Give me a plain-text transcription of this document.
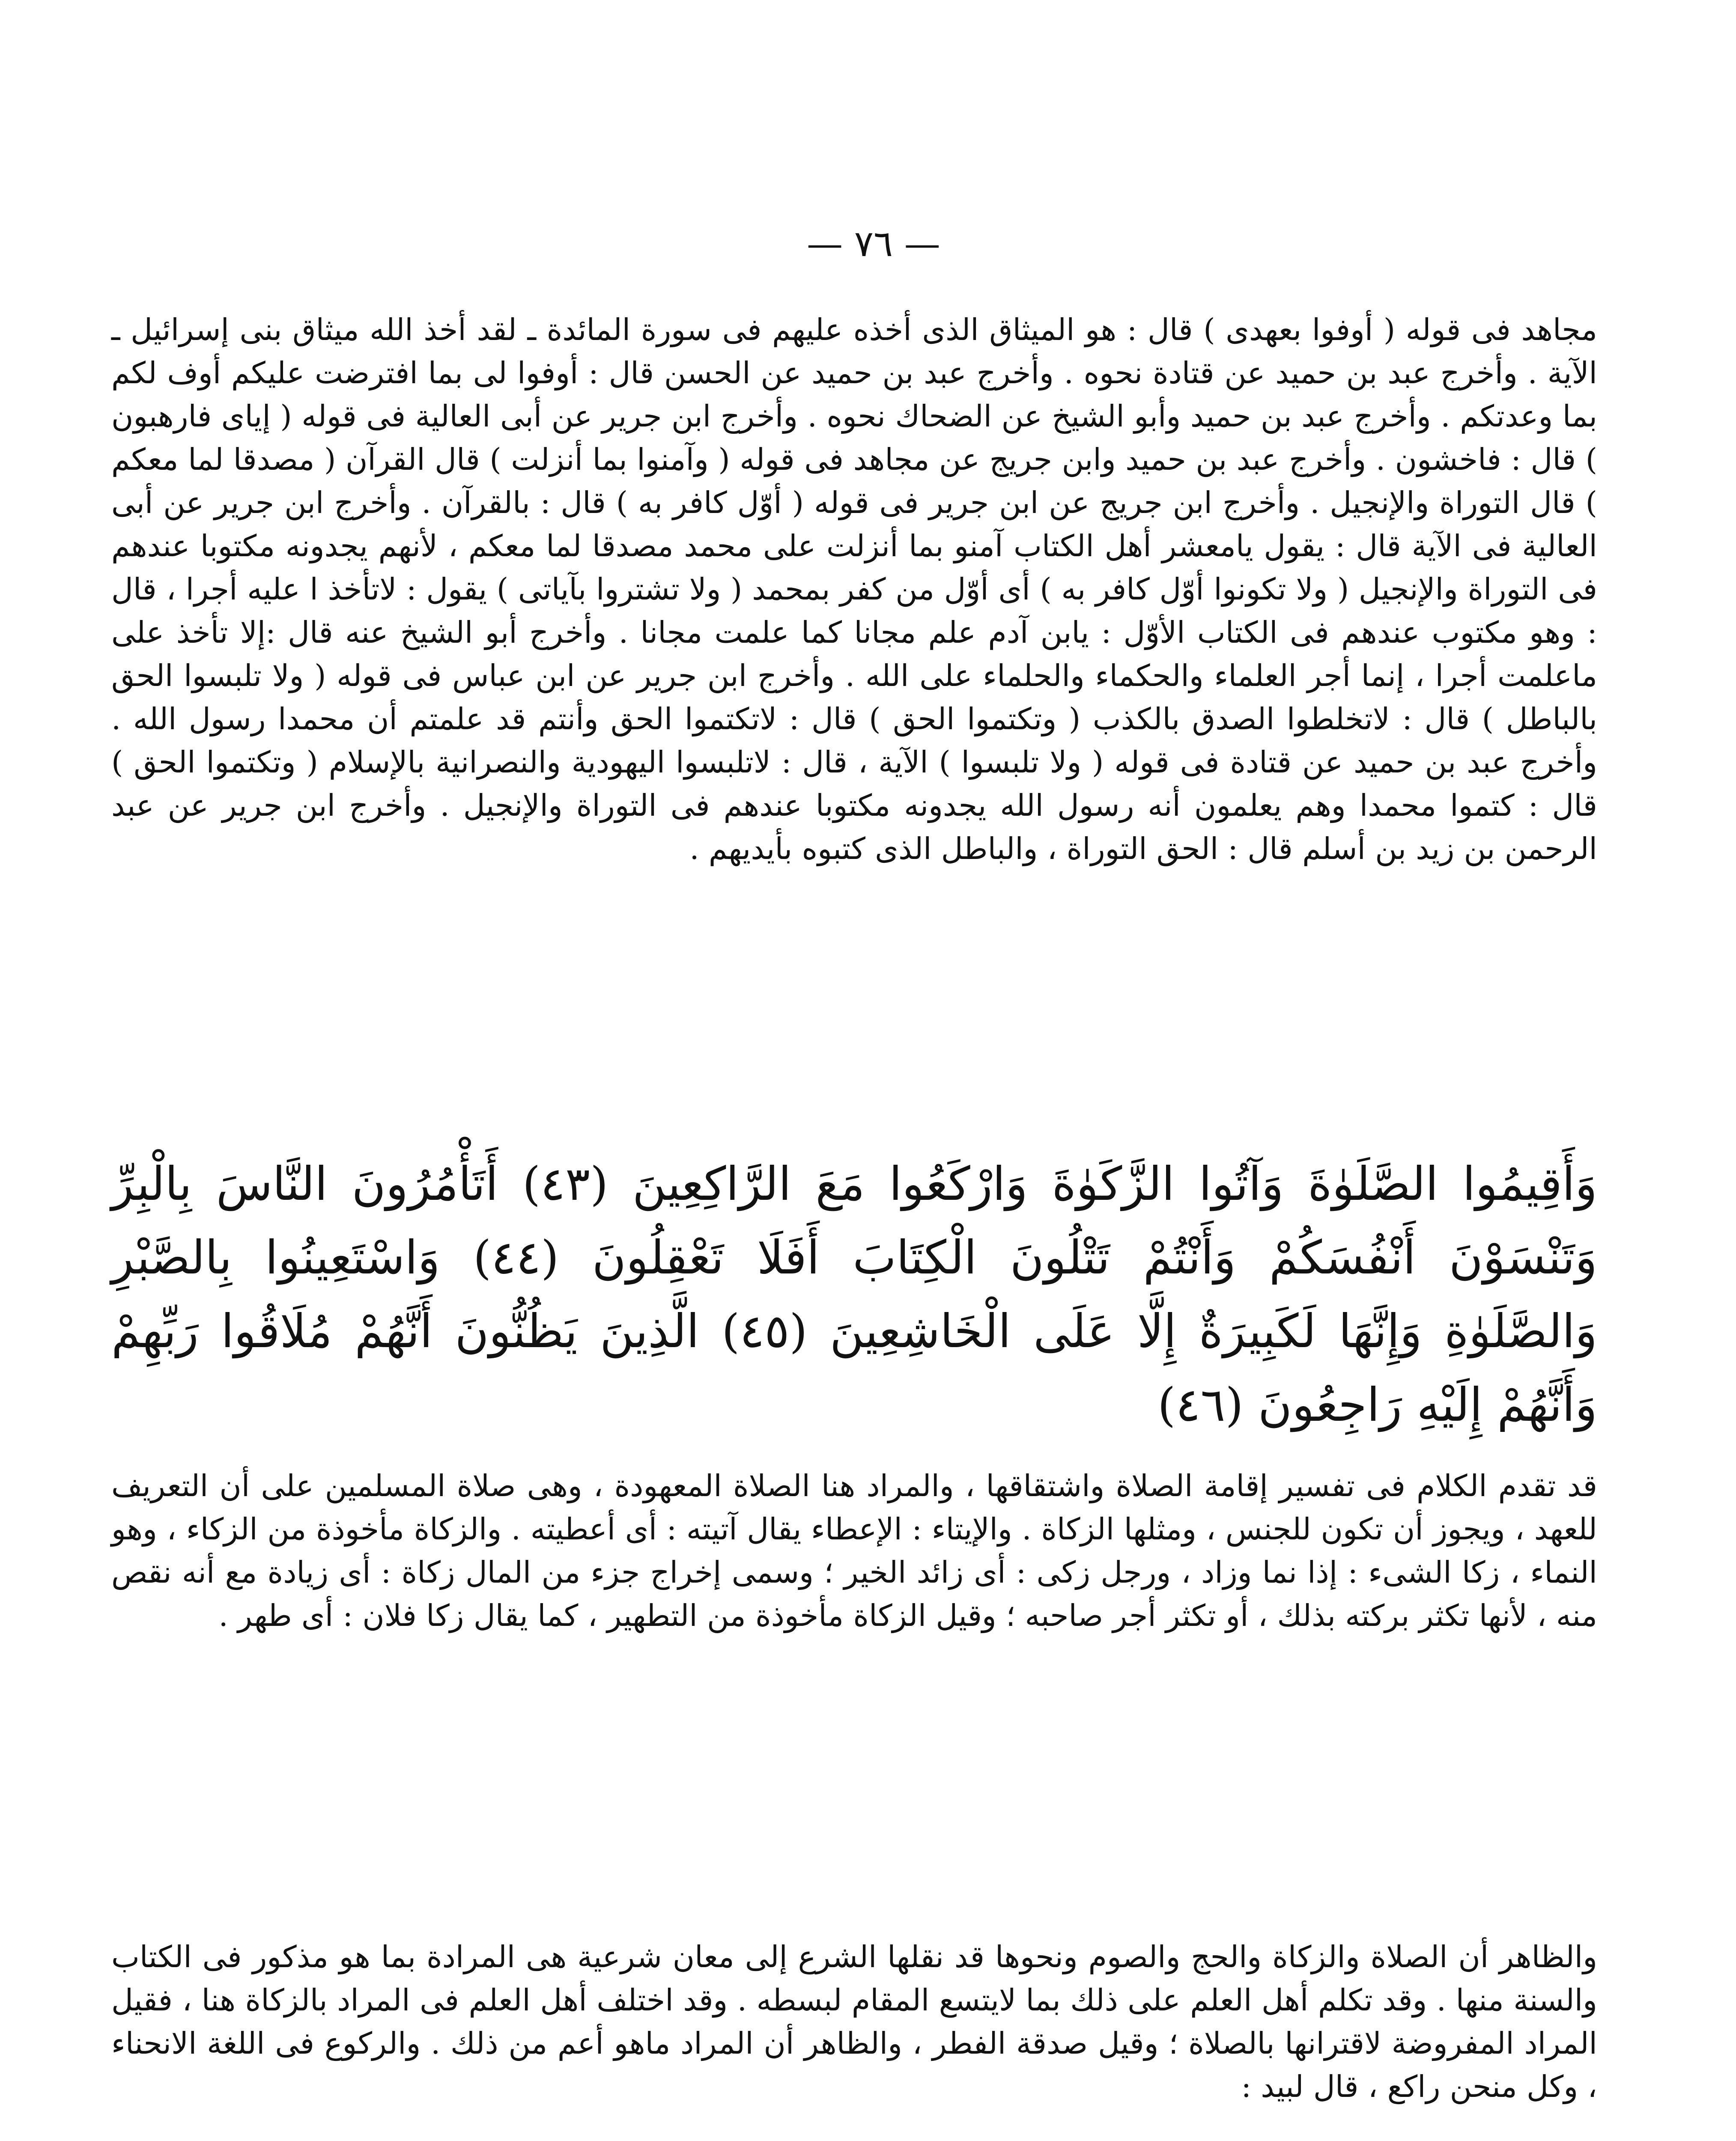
— ٧٦ —

مجاهد فى قوله ( أوفوا بعهدى ) قال : هو الميثاق الذى أخذه عليهم فى سورة المائدة ـ لقد أخذ الله ميثاق بنى إسرائيل ـ الآية . وأخرج عبد بن حميد عن قتادة نحوه . وأخرج عبد بن حميد عن الحسن قال : أوفوا لى بما افترضت عليكم أوف لكم بما وعدتكم . وأخرج عبد بن حميد وأبو الشيخ عن الضحاك نحوه . وأخرج ابن جرير عن أبى العالية فى قوله ( إياى فارهبون ) قال : فاخشون . وأخرج عبد بن حميد وابن جريج عن مجاهد فى قوله ( وآمنوا بما أنزلت ) قال القرآن ( مصدقا لما معكم ) قال التوراة والإنجيل . وأخرج ابن جريج عن ابن جرير فى قوله ( أوّل كافر به ) قال : بالقرآن . وأخرج ابن جرير عن أبى العالية فى الآية قال : يقول يامعشر أهل الكتاب آمنو بما أنزلت على محمد مصدقا لما معكم ، لأنهم يجدونه مكتوبا عندهم فى التوراة والإنجيل ( ولا تكونوا أوّل كافر به ) أى أوّل من كفر بمحمد ( ولا تشتروا بآياتى ) يقول : لاتأخذ ا عليه أجرا ، قال : وهو مكتوب عندهم فى الكتاب الأوّل : يابن آدم علم مجانا كما علمت مجانا . وأخرج أبو الشيخ عنه قال :إلا تأخذ على ماعلمت أجرا ، إنما أجر العلماء والحكماء والحلماء على الله . وأخرج ابن جرير عن ابن عباس فى قوله ( ولا تلبسوا الحق بالباطل ) قال : لاتخلطوا الصدق بالكذب ( وتكتموا الحق ) قال : لاتكتموا الحق وأنتم قد علمتم أن محمدا رسول الله . وأخرج عبد بن حميد عن قتادة فى قوله ( ولا تلبسوا ) الآية ، قال : لاتلبسوا اليهودية والنصرانية بالإسلام ( وتكتموا الحق ) قال : كتموا محمدا وهم يعلمون أنه رسول الله يجدونه مكتوبا عندهم فى التوراة والإنجيل . وأخرج ابن جرير عن عبد الرحمن بن زيد بن أسلم قال : الحق التوراة ، والباطل الذى كتبوه بأيديهم .

وَأَقِيمُوا الصَّلَوٰةَ وَآتُوا الزَّكَوٰةَ وَارْكَعُوا مَعَ الرَّاكِعِينَ (٤٣) أَتَأْمُرُونَ النَّاسَ بِالْبِرِّ وَتَنْسَوْنَ أَنْفُسَكُمْ وَأَنْتُمْ تَتْلُونَ الْكِتَابَ أَفَلَا تَعْقِلُونَ (٤٤) وَاسْتَعِينُوا بِالصَّبْرِ وَالصَّلَوٰةِ وَإِنَّهَا لَكَبِيرَةٌ إِلَّا عَلَى الْخَاشِعِينَ (٤٥) الَّذِينَ يَظُنُّونَ أَنَّهُمْ مُلَاقُوا رَبِّهِمْ وَأَنَّهُمْ إِلَيْهِ رَاجِعُونَ (٤٦)

قد تقدم الكلام فى تفسير إقامة الصلاة واشتقاقها ، والمراد هنا الصلاة المعهودة ، وهى صلاة المسلمين على أن التعريف للعهد ، ويجوز أن تكون للجنس ، ومثلها الزكاة . والإيتاء : الإعطاء يقال آتيته : أى أعطيته . والزكاة مأخوذة من الزكاء ، وهو النماء ، زكا الشىء : إذا نما وزاد ، ورجل زكى : أى زائد الخير ؛ وسمى إخراج جزء من المال زكاة : أى زيادة مع أنه نقص منه ، لأنها تكثر بركته بذلك ، أو تكثر أجر صاحبه ؛ وقيل الزكاة مأخوذة من التطهير ، كما يقال زكا فلان : أى طهر .

والظاهر أن الصلاة والزكاة والحج والصوم ونحوها قد نقلها الشرع إلى معان شرعية هى المرادة بما هو مذكور فى الكتاب والسنة منها . وقد تكلم أهل العلم على ذلك بما لايتسع المقام لبسطه . وقد اختلف أهل العلم فى المراد بالزكاة هنا ، فقيل المراد المفروضة لاقترانها بالصلاة ؛ وقيل صدقة الفطر ، والظاهر أن المراد ماهو أعم من ذلك . والركوع فى اللغة الانحناء ، وكل منحن راكع ، قال لبيد :
